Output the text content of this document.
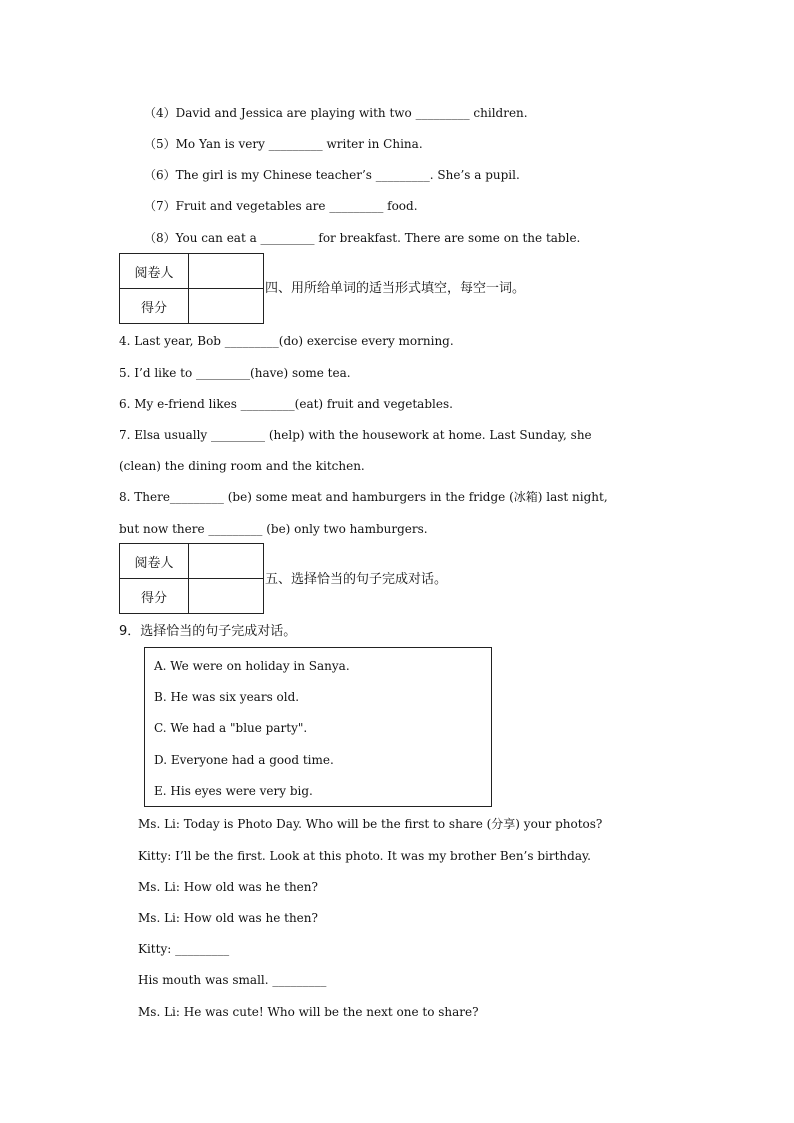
（4）David and Jessica are playing with two _________ children.
（5）Mo Yan is very _________ writer in China.
（6）The girl is my Chinese teacher’s _________. She’s a pupil.
（7）Fruit and vegetables are _________ food.
（8）You can eat a _________ for breakfast. There are some on the table.
阅卷人	
得分	
四、用所给单词的适当形式填空，每空一词。
4. Last year, Bob _________(do) exercise every morning.
5. I’d like to _________(have) some tea.
6. My e-friend likes _________(eat) fruit and vegetables.
7. Elsa usually _________ (help) with the housework at home. Last Sunday, she
(clean) the dining room and the kitchen.
8. There_________ (be) some meat and hamburgers in the fridge (冰箱) last night,
but now there _________ (be) only two hamburgers.
阅卷人	
得分	
五、选择恰当的句子完成对话。
9．选择恰当的句子完成对话。
A. We were on holiday in Sanya.
B. He was six years old.
C. We had a "blue party".
D. Everyone had a good time.
E. His eyes were very big.
Ms. Li: Today is Photo Day. Who will be the first to share (分享) your photos?
Kitty: I’ll be the first. Look at this photo. It was my brother Ben’s birthday.
Ms. Li: How old was he then?
Ms. Li: How old was he then?
Kitty: _________
His mouth was small. _________
Ms. Li: He was cute! Who will be the next one to share?
